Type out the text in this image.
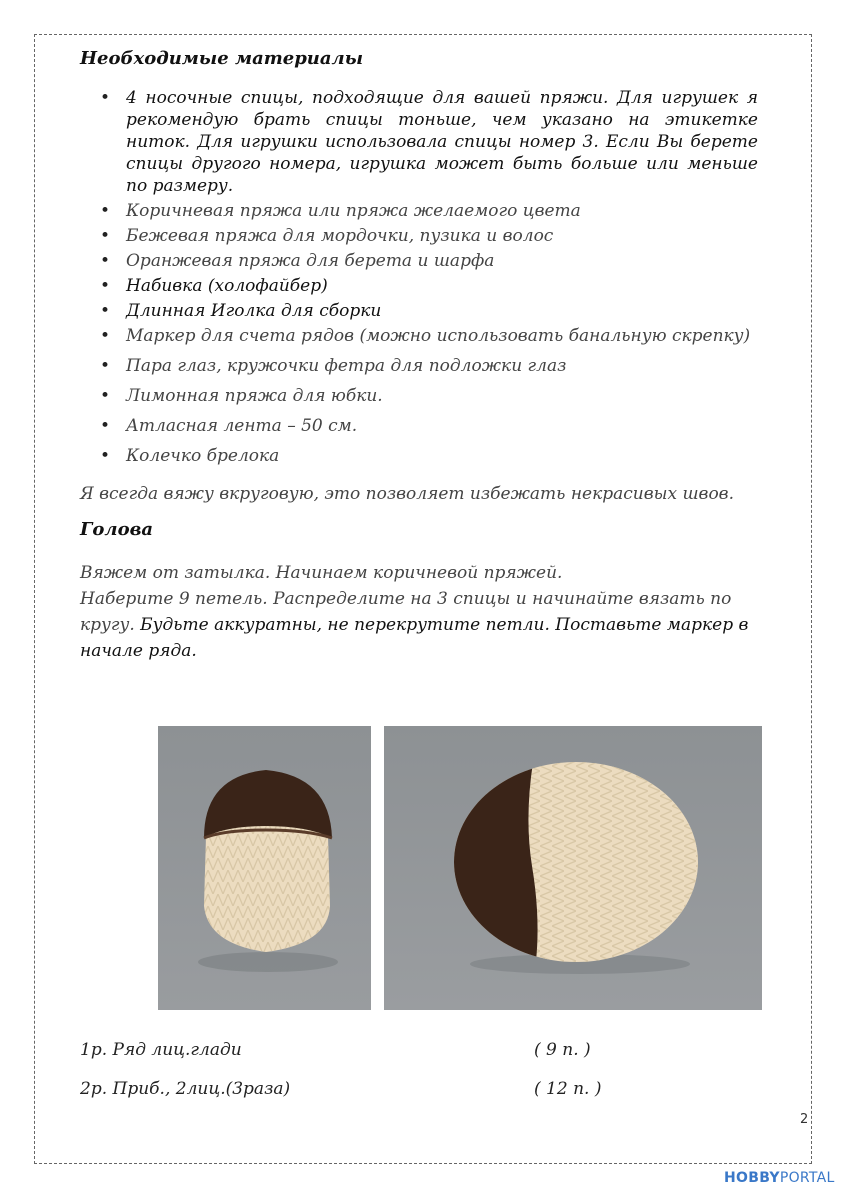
Необходимые материалы
• 4 носочные спицы, подходящие для вашей пряжи. Для игрушек я рекомендую брать спицы тоньше, чем указано на этикетке ниток. Для игрушки использовала спицы номер 3. Если Вы берете спицы другого номера, игрушка может быть больше или меньше по размеру.
• Коричневая пряжа или пряжа желаемого цвета
• Бежевая пряжа для мордочки, пузика и волос
• Оранжевая пряжа для берета и шарфа
• Набивка (холофайбер)
• Длинная Иголка для сборки
• Маркер для счета рядов (можно использовать банальную скрепку)
• Пара глаз, кружочки фетра для подложки глаз
• Лимонная пряжа для юбки.
• Атласная лента – 50 см.
• Колечко брелока

Я всегда вяжу вкруговую, это позволяет избежать некрасивых швов.

Голова

Вяжем от затылка. Начинаем коричневой пряжей.

Наберите 9 петель. Распределите на 3 спицы и начинайте вязать по кругу. Будьте аккуратны, не перекрутите петли. Поставьте маркер в начале ряда.

1р. Ряд лиц.глади	( 9 п. )
2р. Приб., 2лиц.(3раза)	( 12 п. )
2
HOBBYPORTAL
